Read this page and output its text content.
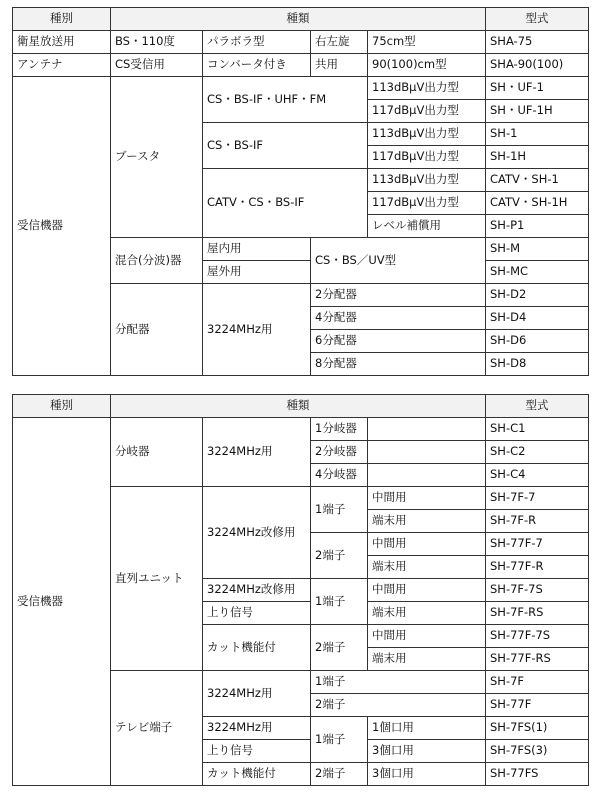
種別	種類				型式
衛星放送用	BS・110度	パラボラ型	右左旋	75cm型	SHA-75
アンテナ	CS受信用	コンバータ付き	共用	90(100)cm型	SHA-90(100)
受信機器	ブースタ	CS・BS-IF・UHF・FM		113dBμV出力型	SH・UF-1
				117dBμV出力型	SH・UF-1H
		CS・BS-IF		113dBμV出力型	SH-1
				117dBμV出力型	SH-1H
		CATV・CS・BS-IF		113dBμV出力型	CATV・SH-1
				117dBμV出力型	CATV・SH-1H
				レベル補償用	SH-P1
	混合(分波)器	屋内用	CS・BS／UV型		SH-M
		屋外用			SH-MC
	分配器	3224MHz用	2分配器		SH-D2
			4分配器		SH-D4
			6分配器		SH-D6
			8分配器		SH-D8
種別	種類				型式
受信機器	分岐器	3224MHz用	1分岐器		SH-C1
			2分岐器		SH-C2
			4分岐器		SH-C4
	直列ユニット	3224MHz改修用	1端子	中間用	SH-7F-7
				端末用	SH-7F-R
			2端子	中間用	SH-77F-7
				端末用	SH-77F-R
		3224MHz改修用	1端子	中間用	SH-7F-7S
		上り信号		端末用	SH-7F-RS
		カット機能付	2端子	中間用	SH-77F-7S
				端末用	SH-77F-RS
	テレビ端子	3224MHz用	1端子		SH-7F
			2端子		SH-77F
		3224MHz用	1端子	1個口用	SH-7FS(1)
		上り信号		3個口用	SH-7FS(3)
		カット機能付	2端子	3個口用	SH-77FS
